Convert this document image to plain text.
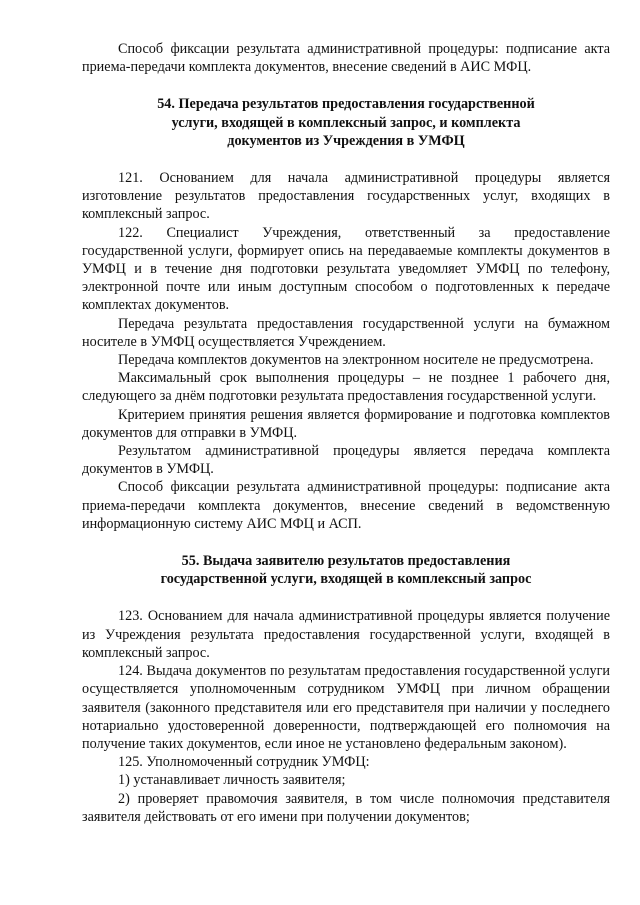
Способ фиксации результата административной процедуры: подписание акта приема-передачи комплекта документов, внесение сведений в АИС МФЦ.

54. Передача результатов предоставления государственной услуги, входящей в комплексный запрос, и комплекта документов из Учреждения в УМФЦ

121. Основанием для начала административной процедуры является изготовление результатов предоставления государственных услуг, входящих в комплексный запрос.

122. Специалист Учреждения, ответственный за предоставление государственной услуги, формирует опись на передаваемые комплекты документов в УМФЦ и в течение дня подготовки результата уведомляет УМФЦ по телефону, электронной почте или иным доступным способом о подготовленных к передаче комплектах документов.

Передача результата предоставления государственной услуги на бумажном носителе в УМФЦ осуществляется Учреждением.

Передача комплектов документов на электронном носителе не предусмотрена.

Максимальный срок выполнения процедуры – не позднее 1 рабочего дня, следующего за днём подготовки результата предоставления государственной услуги.

Критерием принятия решения является формирование и подготовка комплектов документов для отправки в УМФЦ.

Результатом административной процедуры является передача комплекта документов в УМФЦ.

Способ фиксации результата административной процедуры: подписание акта приема-передачи комплекта документов, внесение сведений в ведомственную информационную систему АИС МФЦ и АСП.

55. Выдача заявителю результатов предоставления государственной услуги, входящей в комплексный запрос

123. Основанием для начала административной процедуры является получение из Учреждения результата предоставления государственной услуги, входящей в комплексный запрос.

124. Выдача документов по результатам предоставления государственной услуги осуществляется уполномоченным сотрудником УМФЦ при личном обращении заявителя (законного представителя или его представителя при наличии у последнего нотариально удостоверенной доверенности, подтверждающей его полномочия на получение таких документов, если иное не установлено федеральным законом).

125. Уполномоченный сотрудник УМФЦ:

1) устанавливает личность заявителя;

2) проверяет правомочия заявителя, в том числе полномочия представителя заявителя действовать от его имени при получении документов;
